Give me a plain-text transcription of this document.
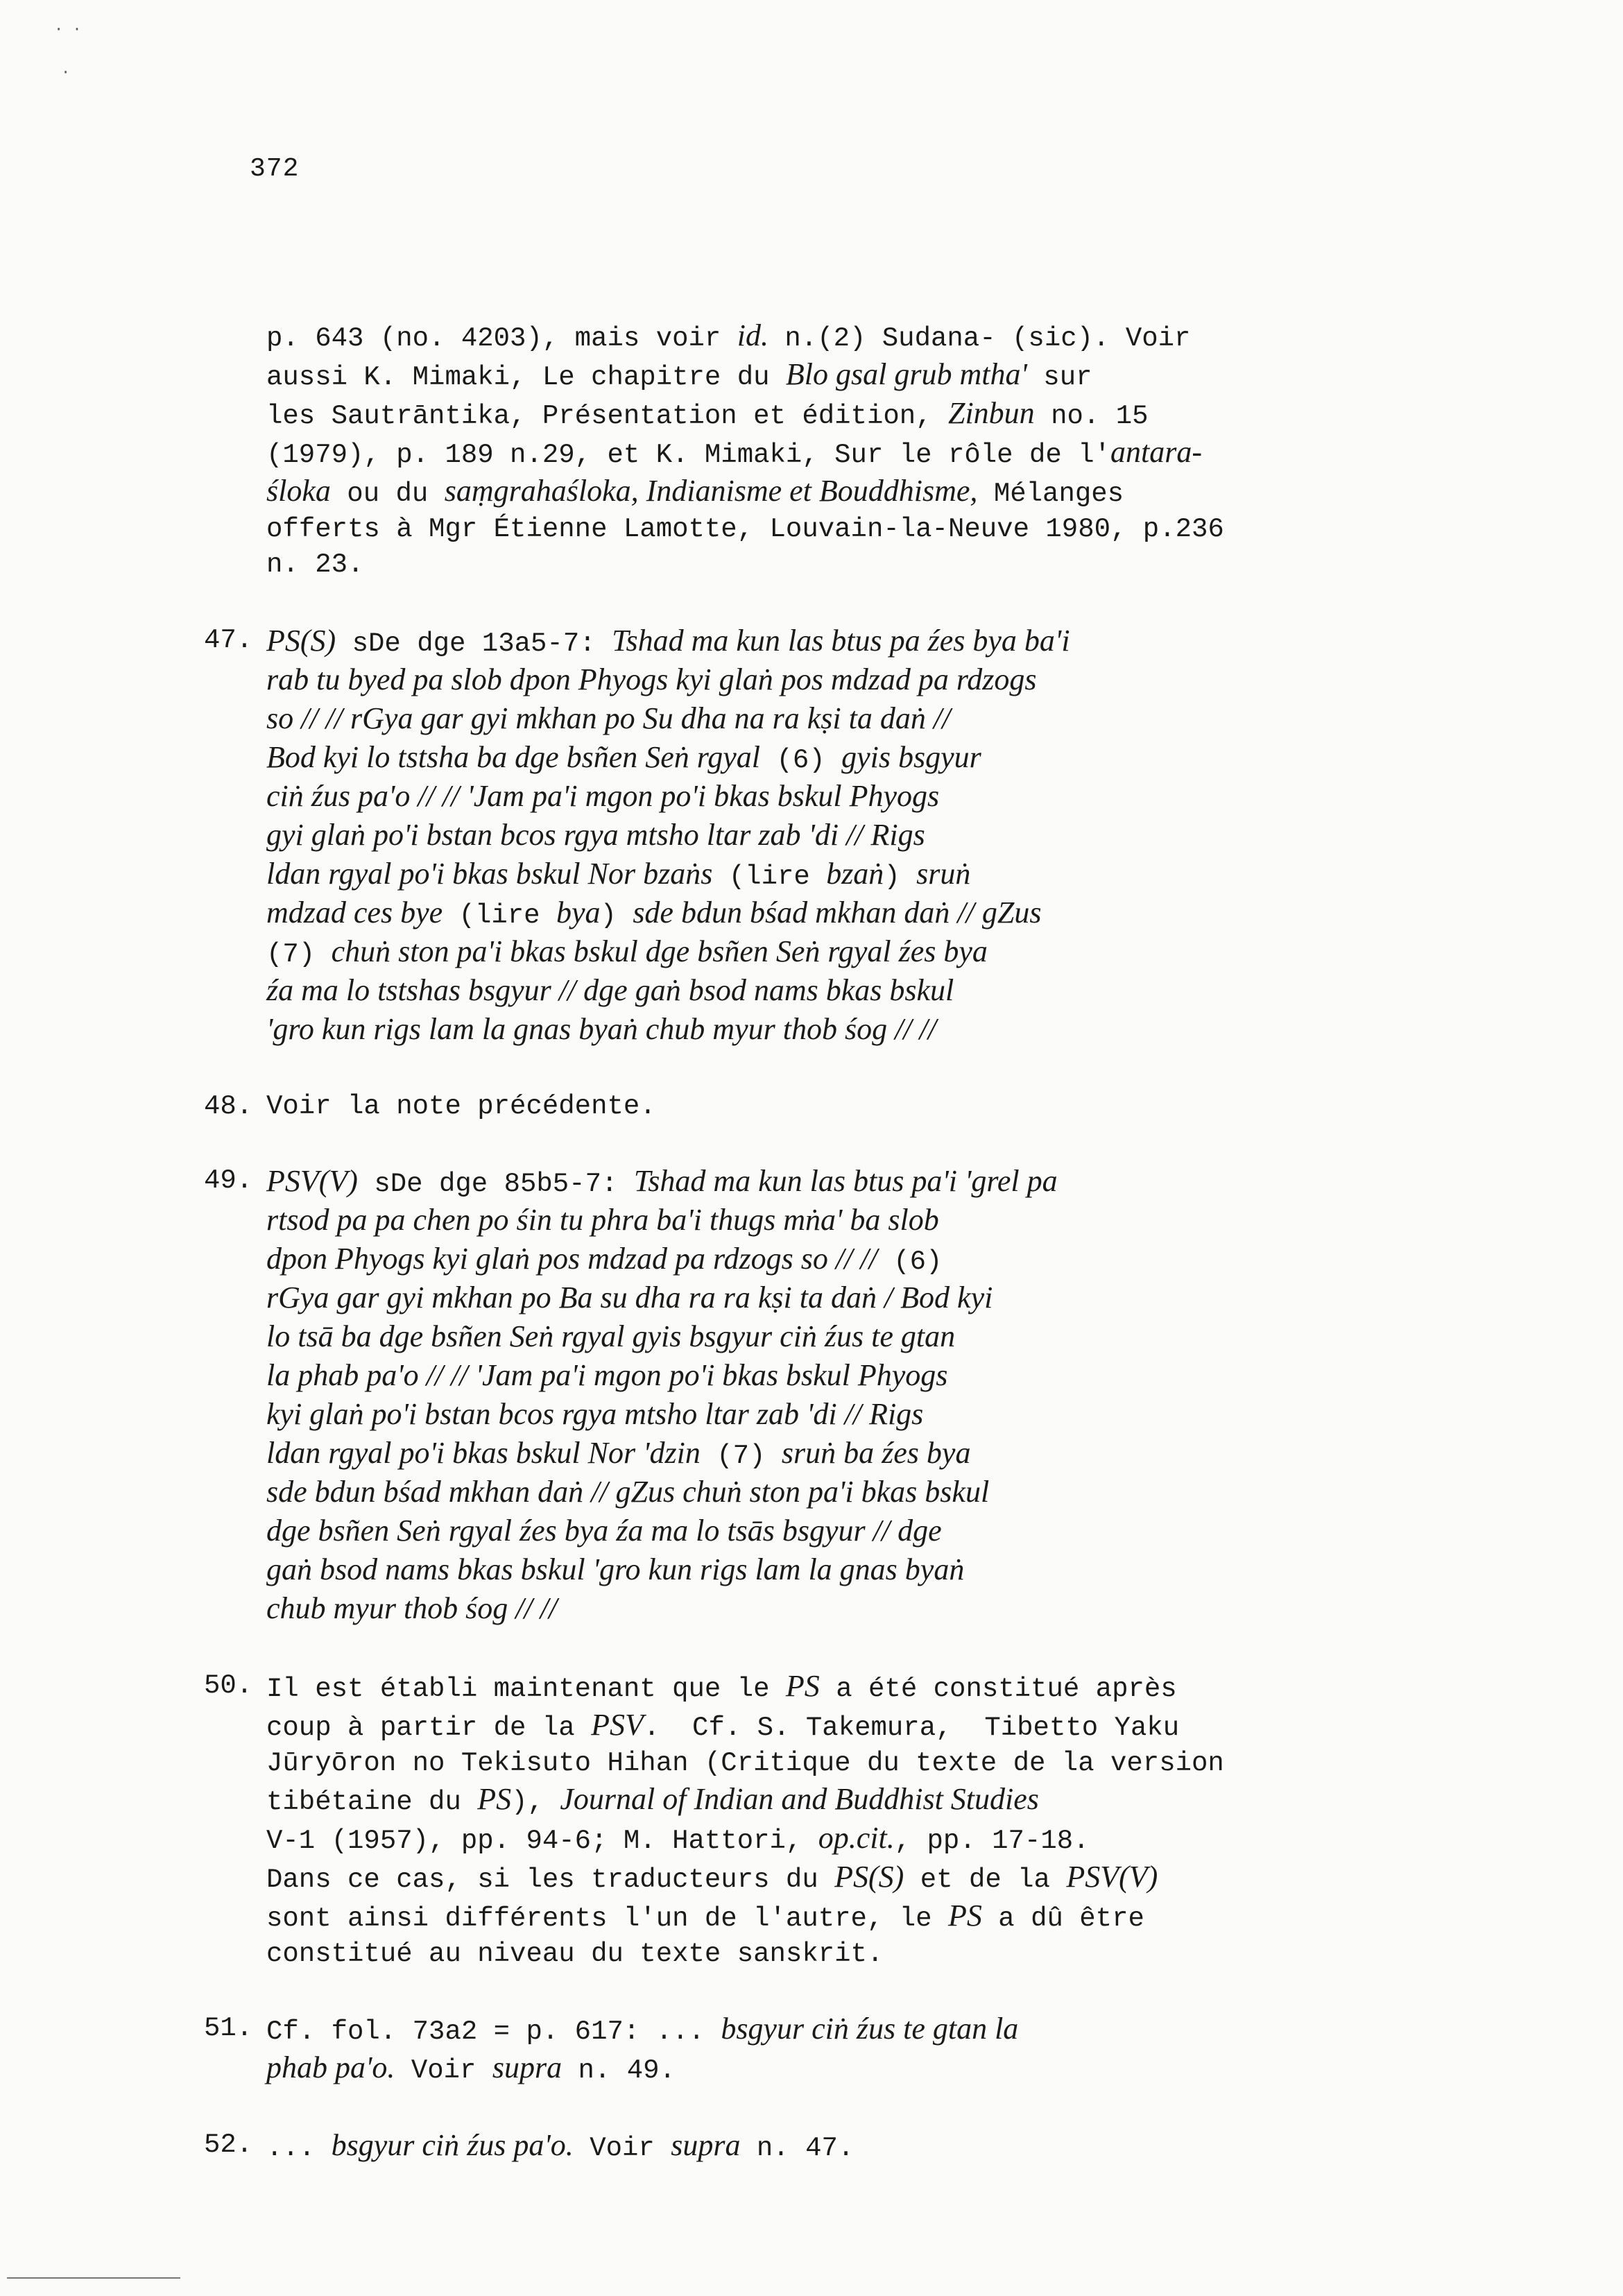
· ·
·
372
p. 643 (no. 4203), mais voir id. n.(2) Sudana- (sic). Voir
aussi K. Mimaki, Le chapitre du Blo gsal grub mtha' sur
les Sautrāntika, Présentation et édition, Zinbun no. 15
(1979), p. 189 n.29, et K. Mimaki, Sur le rôle de l'antara-
śloka ou du saṃgrahaśloka, Indianisme et Bouddhisme, Mélanges
offerts à Mgr Étienne Lamotte, Louvain-la-Neuve 1980, p.236
n. 23.
47. PS(S) sDe dge 13a5-7: Tshad ma kun las btus pa źes bya ba'i
rab tu byed pa slob dpon Phyogs kyi glaṅ pos mdzad pa rdzogs
so // // rGya gar gyi mkhan po Su dha na ra kṣi ta daṅ //
Bod kyi lo tstsha ba dge bsñen Seṅ rgyal (6) gyis bsgyur
ciṅ źus pa'o // // 'Jam pa'i mgon po'i bkas bskul Phyogs
gyi glaṅ po'i bstan bcos rgya mtsho ltar zab 'di // Rigs
ldan rgyal po'i bkas bskul Nor bzaṅs (lire bzaṅ) sruṅ
mdzad ces bye (lire bya) sde bdun bśad mkhan daṅ // gZus
(7) chuṅ ston pa'i bkas bskul dge bsñen Seṅ rgyal źes bya
źa ma lo tstshas bsgyur // dge gaṅ bsod nams bkas bskul
'gro kun rigs lam la gnas byaṅ chub myur thob śog // //
48. Voir la note précédente.
49. PSV(V) sDe dge 85b5-7: Tshad ma kun las btus pa'i 'grel pa
rtsod pa pa chen po śin tu phra ba'i thugs mṅa' ba slob
dpon Phyogs kyi glaṅ pos mdzad pa rdzogs so // // (6)
rGya gar gyi mkhan po Ba su dha ra ra kṣi ta daṅ / Bod kyi
lo tsā ba dge bsñen Seṅ rgyal gyis bsgyur ciṅ źus te gtan
la phab pa'o // // 'Jam pa'i mgon po'i bkas bskul Phyogs
kyi glaṅ po'i bstan bcos rgya mtsho ltar zab 'di // Rigs
ldan rgyal po'i bkas bskul Nor 'dzin (7) sruṅ ba źes bya
sde bdun bśad mkhan daṅ // gZus chuṅ ston pa'i bkas bskul
dge bsñen Seṅ rgyal źes bya źa ma lo tsās bsgyur // dge
gaṅ bsod nams bkas bskul 'gro kun rigs lam la gnas byaṅ
chub myur thob śog // //
50. Il est établi maintenant que le PS a été constitué après
coup à partir de la PSV.  Cf. S. Takemura,  Tibetto Yaku
Jūryōron no Tekisuto Hihan (Critique du texte de la version
tibétaine du PS), Journal of Indian and Buddhist Studies
V-1 (1957), pp. 94-6; M. Hattori, op.cit., pp. 17-18.
Dans ce cas, si les traducteurs du PS(S) et de la PSV(V)
sont ainsi différents l'un de l'autre, le PS a dû être
constitué au niveau du texte sanskrit.
51. Cf. fol. 73a2 = p. 617: ... bsgyur ciṅ źus te gtan la
phab pa'o. Voir supra n. 49.
52. ... bsgyur ciṅ źus pa'o. Voir supra n. 47.
